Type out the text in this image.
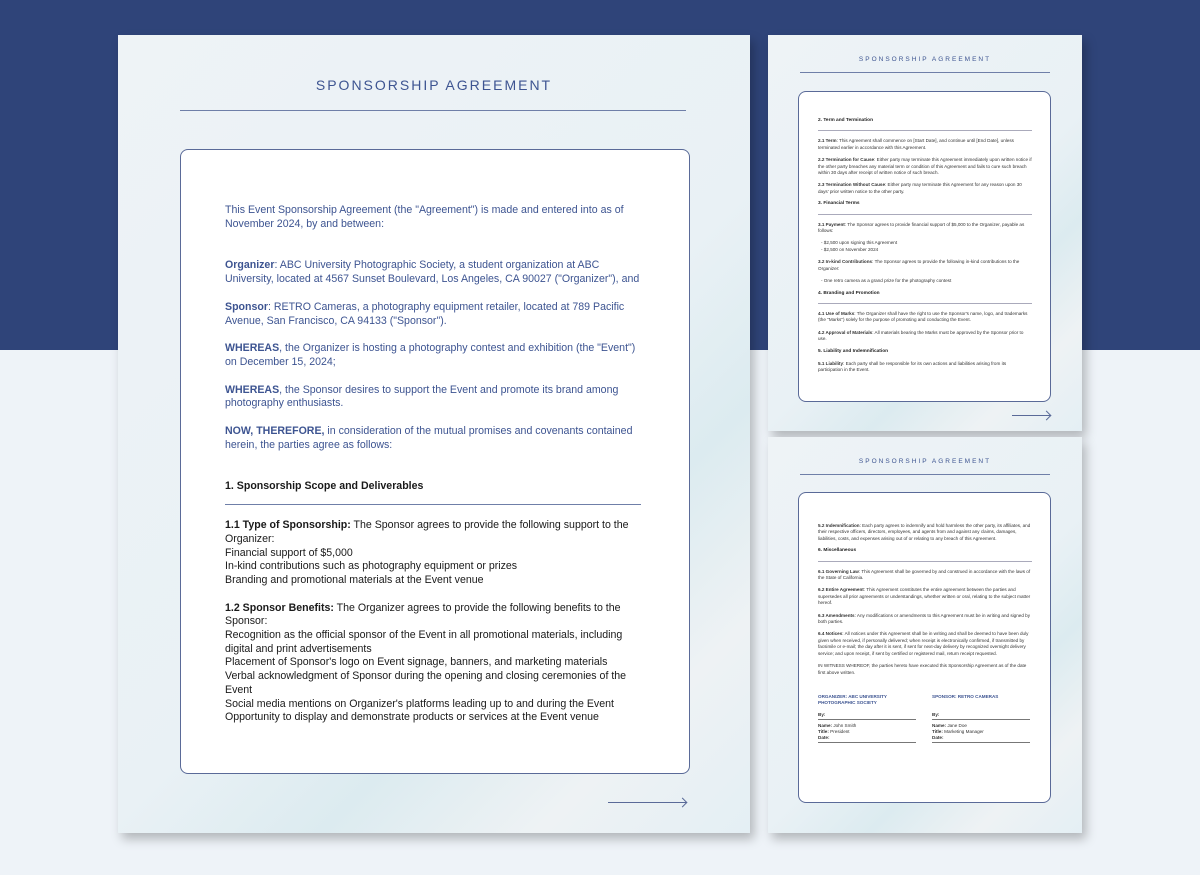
SPONSORSHIP AGREEMENT

This Event Sponsorship Agreement (the "Agreement") is made and entered into as of November 2024, by and between:

Organizer: ABC University Photographic Society, a student organization at ABC University, located at 4567 Sunset Boulevard, Los Angeles, CA 90027 ("Organizer"), and

Sponsor: RETRO Cameras, a photography equipment retailer, located at 789 Pacific Avenue, San Francisco, CA 94133 ("Sponsor").

WHEREAS, the Organizer is hosting a photography contest and exhibition (the "Event") on December 15, 2024;

WHEREAS, the Sponsor desires to support the Event and promote its brand among photography enthusiasts.

NOW, THEREFORE, in consideration of the mutual promises and covenants contained herein, the parties agree as follows:

1. Sponsorship Scope and Deliverables

1.1 Type of Sponsorship: The Sponsor agrees to provide the following support to the Organizer:
Financial support of $5,000
In-kind contributions such as photography equipment or prizes
Branding and promotional materials at the Event venue

1.2 Sponsor Benefits: The Organizer agrees to provide the following benefits to the Sponsor:
Recognition as the official sponsor of the Event in all promotional materials, including digital and print advertisements
Placement of Sponsor's logo on Event signage, banners, and marketing materials
Verbal acknowledgment of Sponsor during the opening and closing ceremonies of the Event
Social media mentions on Organizer's platforms leading up to and during the Event
Opportunity to display and demonstrate products or services at the Event venue

SPONSORSHIP AGREEMENT
2. Term and Termination

2.1 Term: This Agreement shall commence on [Start Date], and continue until [End Date], unless terminated earlier in accordance with this Agreement.

2.2 Termination for Cause: Either party may terminate this Agreement immediately upon written notice if the other party breaches any material term or condition of this Agreement and fails to cure such breach within 30 days after receipt of written notice of such breach.

2.3 Termination Without Cause: Either party may terminate this Agreement for any reason upon 30 days' prior written notice to the other party.

3. Financial Terms

3.1 Payment: The Sponsor agrees to provide financial support of $5,000 to the Organizer, payable as follows:

- $2,500 upon signing this Agreement

- $2,500 on November 2024

3.2 In-kind Contributions: The Sponsor agrees to provide the following in-kind contributions to the Organizer:

- One retro camera as a grand prize for the photography contest

4. Branding and Promotion

4.1 Use of Marks: The Organizer shall have the right to use the Sponsor's name, logo, and trademarks (the "Marks") solely for the purpose of promoting and conducting the Event.

4.2 Approval of Materials: All materials bearing the Marks must be approved by the Sponsor prior to use.

5. Liability and Indemnification

5.1 Liability: Each party shall be responsible for its own actions and liabilities arising from its participation in the Event.

SPONSORSHIP AGREEMENT

5.2 Indemnification: Each party agrees to indemnify and hold harmless the other party, its affiliates, and their respective officers, directors, employees, and agents from and against any claims, damages, liabilities, costs, and expenses arising out of or relating to any breach of this Agreement.

6. Miscellaneous

6.1 Governing Law: This Agreement shall be governed by and construed in accordance with the laws of the State of California.

6.2 Entire Agreement: This Agreement constitutes the entire agreement between the parties and supersedes all prior agreements or understandings, whether written or oral, relating to the subject matter hereof.

6.3 Amendments: Any modifications or amendments to this Agreement must be in writing and signed by both parties.

6.4 Notices: All notices under this Agreement shall be in writing and shall be deemed to have been duly given when received, if personally delivered; when receipt is electronically confirmed, if transmitted by facsimile or e-mail; the day after it is sent, if sent for next-day delivery by recognized overnight delivery service; and upon receipt, if sent by certified or registered mail, return receipt requested.

IN WITNESS WHEREOF, the parties hereto have executed this Sponsorship Agreement as of the date first above written.

ORGANIZER: ABC UNIVERSITY PHOTOGRAPHIC SOCIETY
By:
Name: John Smith
Title: President
Date:
SPONSOR: RETRO CAMERAS
By:
Name: Jane Doe
Title: Marketing Manager
Date:
